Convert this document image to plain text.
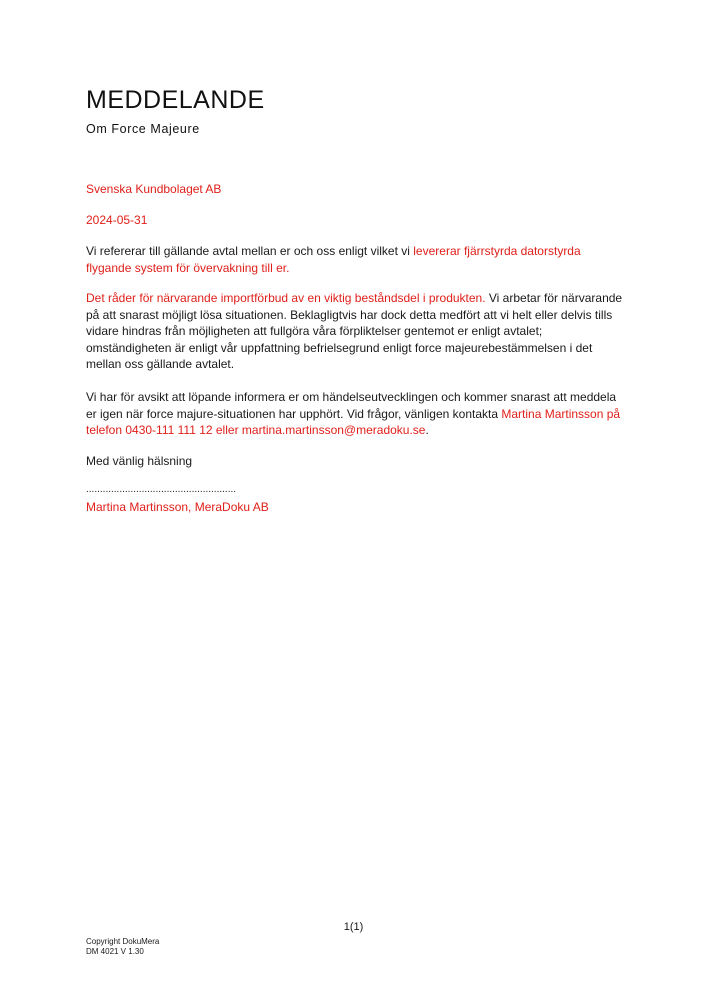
MEDDELANDE
Om Force Majeure

Svenska Kundbolaget AB

2024-05-31

Vi refererar till gällande avtal mellan er och oss enligt vilket vi levererar fjärrstyrda datorstyrda flygande system för övervakning till er.

Det råder för närvarande importförbud av en viktig beståndsdel i produkten. Vi arbetar för närvarande på att snarast möjligt lösa situationen. Beklagligtvis har dock detta medfört att vi helt eller delvis tills vidare hindras från möjligheten att fullgöra våra förpliktelser gentemot er enligt avtalet; omständigheten är enligt vår uppfattning befrielsegrund enligt force majeurebestämmelsen i det mellan oss gällande avtalet.

Vi har för avsikt att löpande informera er om händelseutvecklingen och kommer snarast att meddela er igen när force majure-situationen har upphört. Vid frågor, vänligen kontakta Martina Martinsson på telefon 0430-111 111 12 eller martina.martinsson@meradoku.se.

Med vänlig hälsning

......................................................

Martina Martinsson, MeraDoku AB

1(1)
Copyright DokuMera
DM 4021 V 1.30
